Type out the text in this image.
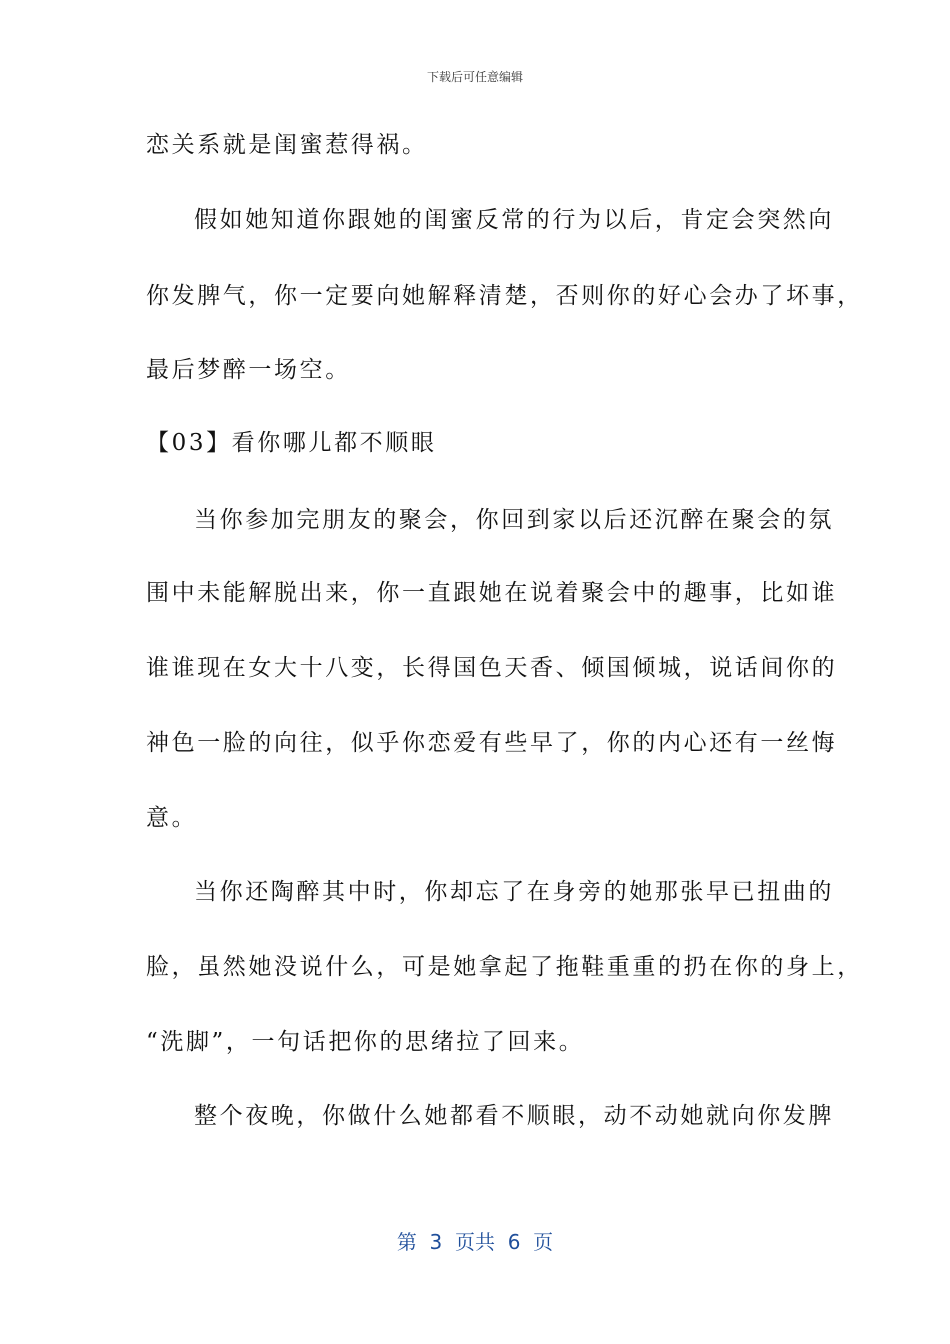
下载后可任意编辑
恋关系就是闺蜜惹得祸。
假如她知道你跟她的闺蜜反常的行为以后，肯定会突然向
你发脾气，你一定要向她解释清楚，否则你的好心会办了坏事，
最后梦醉一场空。
【03】看你哪儿都不顺眼
当你参加完朋友的聚会，你回到家以后还沉醉在聚会的氛
围中未能解脱出来，你一直跟她在说着聚会中的趣事，比如谁
谁谁现在女大十八变，长得国色天香、倾国倾城，说话间你的
神色一脸的向往，似乎你恋爱有些早了，你的内心还有一丝悔
意。
当你还陶醉其中时，你却忘了在身旁的她那张早已扭曲的
脸，虽然她没说什么，可是她拿起了拖鞋重重的扔在你的身上，
“洗脚”，一句话把你的思绪拉了回来。
整个夜晚，你做什么她都看不顺眼，动不动她就向你发脾
第  3  页共  6  页
